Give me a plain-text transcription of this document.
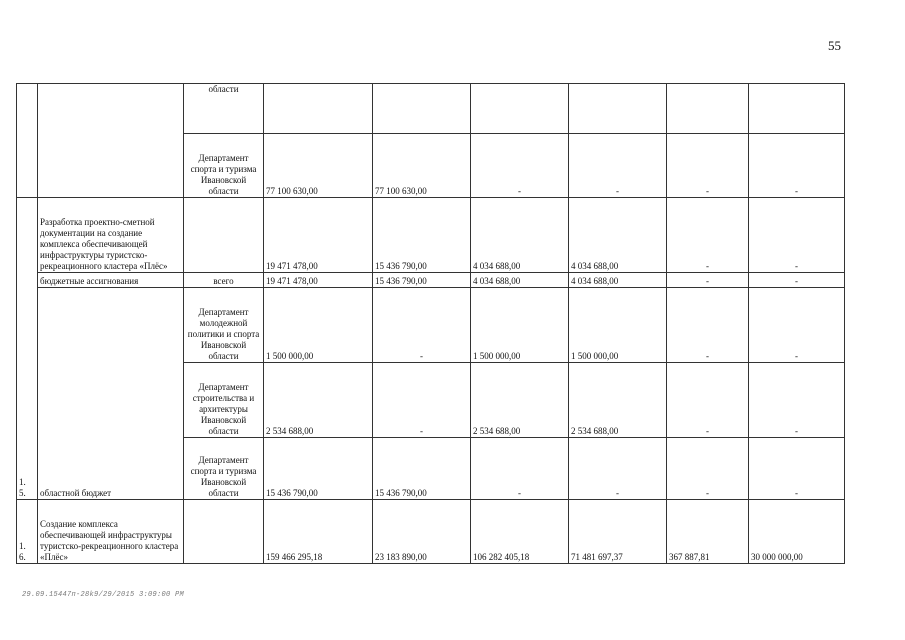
55
		области						
		Департамент спорта и туризма Ивановской области	77 100 630,00	77 100 630,00	-	-	-	-
1.
5.	Разработка проектно-сметной документации на создание комплекса обеспечивающей инфраструктуры туристско-рекреационного кластера «Плёс»		19 471 478,00	15 436 790,00	4 034 688,00	4 034 688,00	-	-
	бюджетные ассигнования	всего	19 471 478,00	15 436 790,00	4 034 688,00	4 034 688,00	-	-
	областной бюджет	Департамент молодежной политики и спорта Ивановской области	1 500 000,00	-	1 500 000,00	1 500 000,00	-	-
		Департамент строительства и архитектуры Ивановской области	2 534 688,00	-	2 534 688,00	2 534 688,00	-	-
		Департамент спорта и туризма Ивановской области	15 436 790,00	15 436 790,00	-	-	-	-
1.
6.	Создание комплекса обеспечивающей инфраструктуры туристско-рекреационного кластера «Плёс»		159 466 295,18	23 183 890,00	106 282 405,18	71 481 697,37	367 887,81	30 000 000,00
29.09.15447п-28k9/29/2015 3:09:00 PM
